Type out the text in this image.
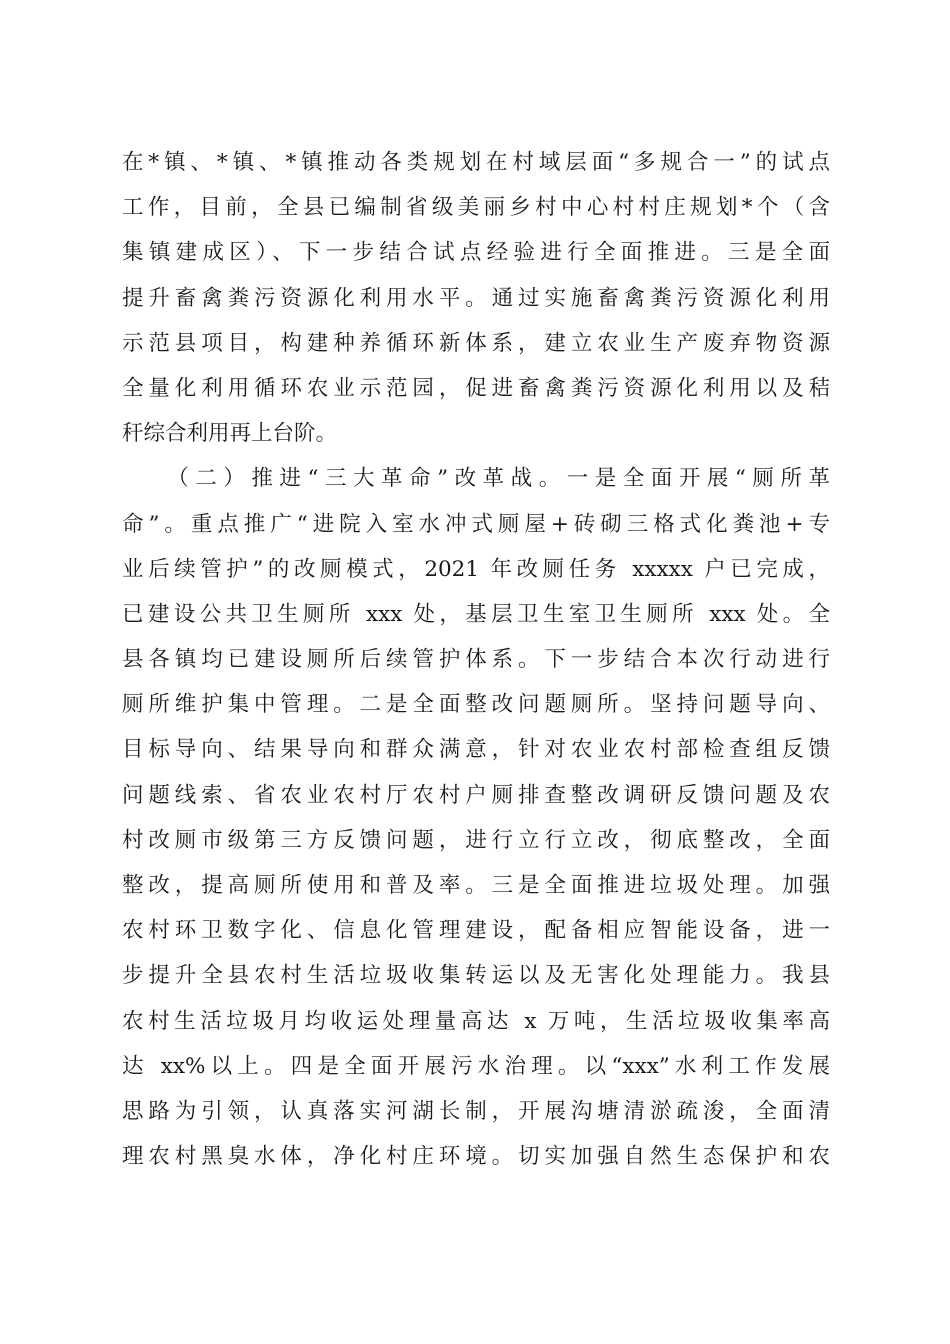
在*镇、*镇、*镇推动各类规划在村域层面“多规合一”的试点
工作，目前，全县已编制省级美丽乡村中心村村庄规划*个（含
集镇建成区）、下一步结合试点经验进行全面推进。三是全面
提升畜禽粪污资源化利用水平。通过实施畜禽粪污资源化利用
示范县项目，构建种养循环新体系，建立农业生产废弃物资源
全量化利用循环农业示范园，促进畜禽粪污资源化利用以及秸
秆综合利用再上台阶。
　　（二）推进“三大革命”改革战。一是全面开展“厕所革
命”。重点推广“进院入室水冲式厕屋+砖砌三格式化粪池+专
业后续管护”的改厕模式，2021 年改厕任务 xxxxx 户已完成，
已建设公共卫生厕所 xxx 处，基层卫生室卫生厕所 xxx 处。全
县各镇均已建设厕所后续管护体系。下一步结合本次行动进行
厕所维护集中管理。二是全面整改问题厕所。坚持问题导向、
目标导向、结果导向和群众满意，针对农业农村部检查组反馈
问题线索、省农业农村厅农村户厕排查整改调研反馈问题及农
村改厕市级第三方反馈问题，进行立行立改，彻底整改，全面
整改，提高厕所使用和普及率。三是全面推进垃圾处理。加强
农村环卫数字化、信息化管理建设，配备相应智能设备，进一
步提升全县农村生活垃圾收集转运以及无害化处理能力。我县
农村生活垃圾月均收运处理量高达 x 万吨，生活垃圾收集率高
达 xx%以上。四是全面开展污水治理。以“xxx”水利工作发展
思路为引领，认真落实河湖长制，开展沟塘清淤疏浚，全面清
理农村黑臭水体，净化村庄环境。切实加强自然生态保护和农
